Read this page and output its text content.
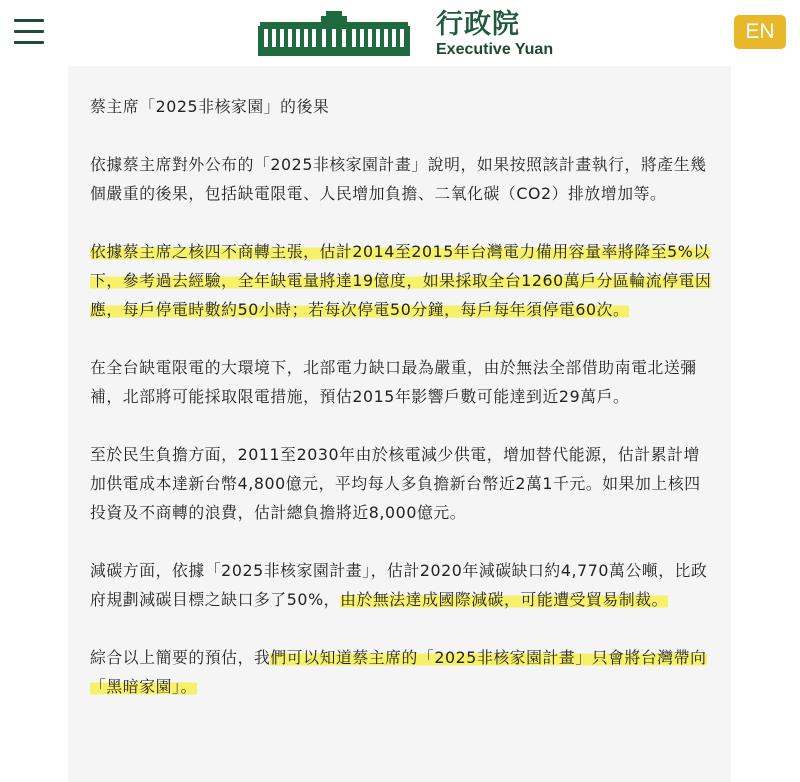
行政院
Executive Yuan
EN

蔡主席「2025非核家園」的後果

依據蔡主席對外公布的「2025非核家園計畫」說明，如果按照該計畫執行，將產生幾個嚴重的後果，包括缺電限電、人民增加負擔、二氧化碳（CO2）排放增加等。

依據蔡主席之核四不商轉主張，估計2014至2015年台灣電力備用容量率將降至5%以下，參考過去經驗，全年缺電量將達19億度，如果採取全台1260萬戶分區輪流停電因應，每戶停電時數約50小時；若每次停電50分鐘，每戶每年須停電60次。

在全台缺電限電的大環境下，北部電力缺口最為嚴重，由於無法全部借助南電北送彌補，北部將可能採取限電措施，預估2015年影響戶數可能達到近29萬戶。

至於民生負擔方面，2011至2030年由於核電減少供電，增加替代能源，估計累計增加供電成本達新台幣4,800億元，平均每人多負擔新台幣近2萬1千元。如果加上核四投資及不商轉的浪費，估計總負擔將近8,000億元。

減碳方面，依據「2025非核家園計畫」，估計2020年減碳缺口約4,770萬公噸，比政府規劃減碳目標之缺口多了50%，由於無法達成國際減碳，可能遭受貿易制裁。

綜合以上簡要的預估，我們可以知道蔡主席的「2025非核家園計畫」只會將台灣帶向「黑暗家園」。
